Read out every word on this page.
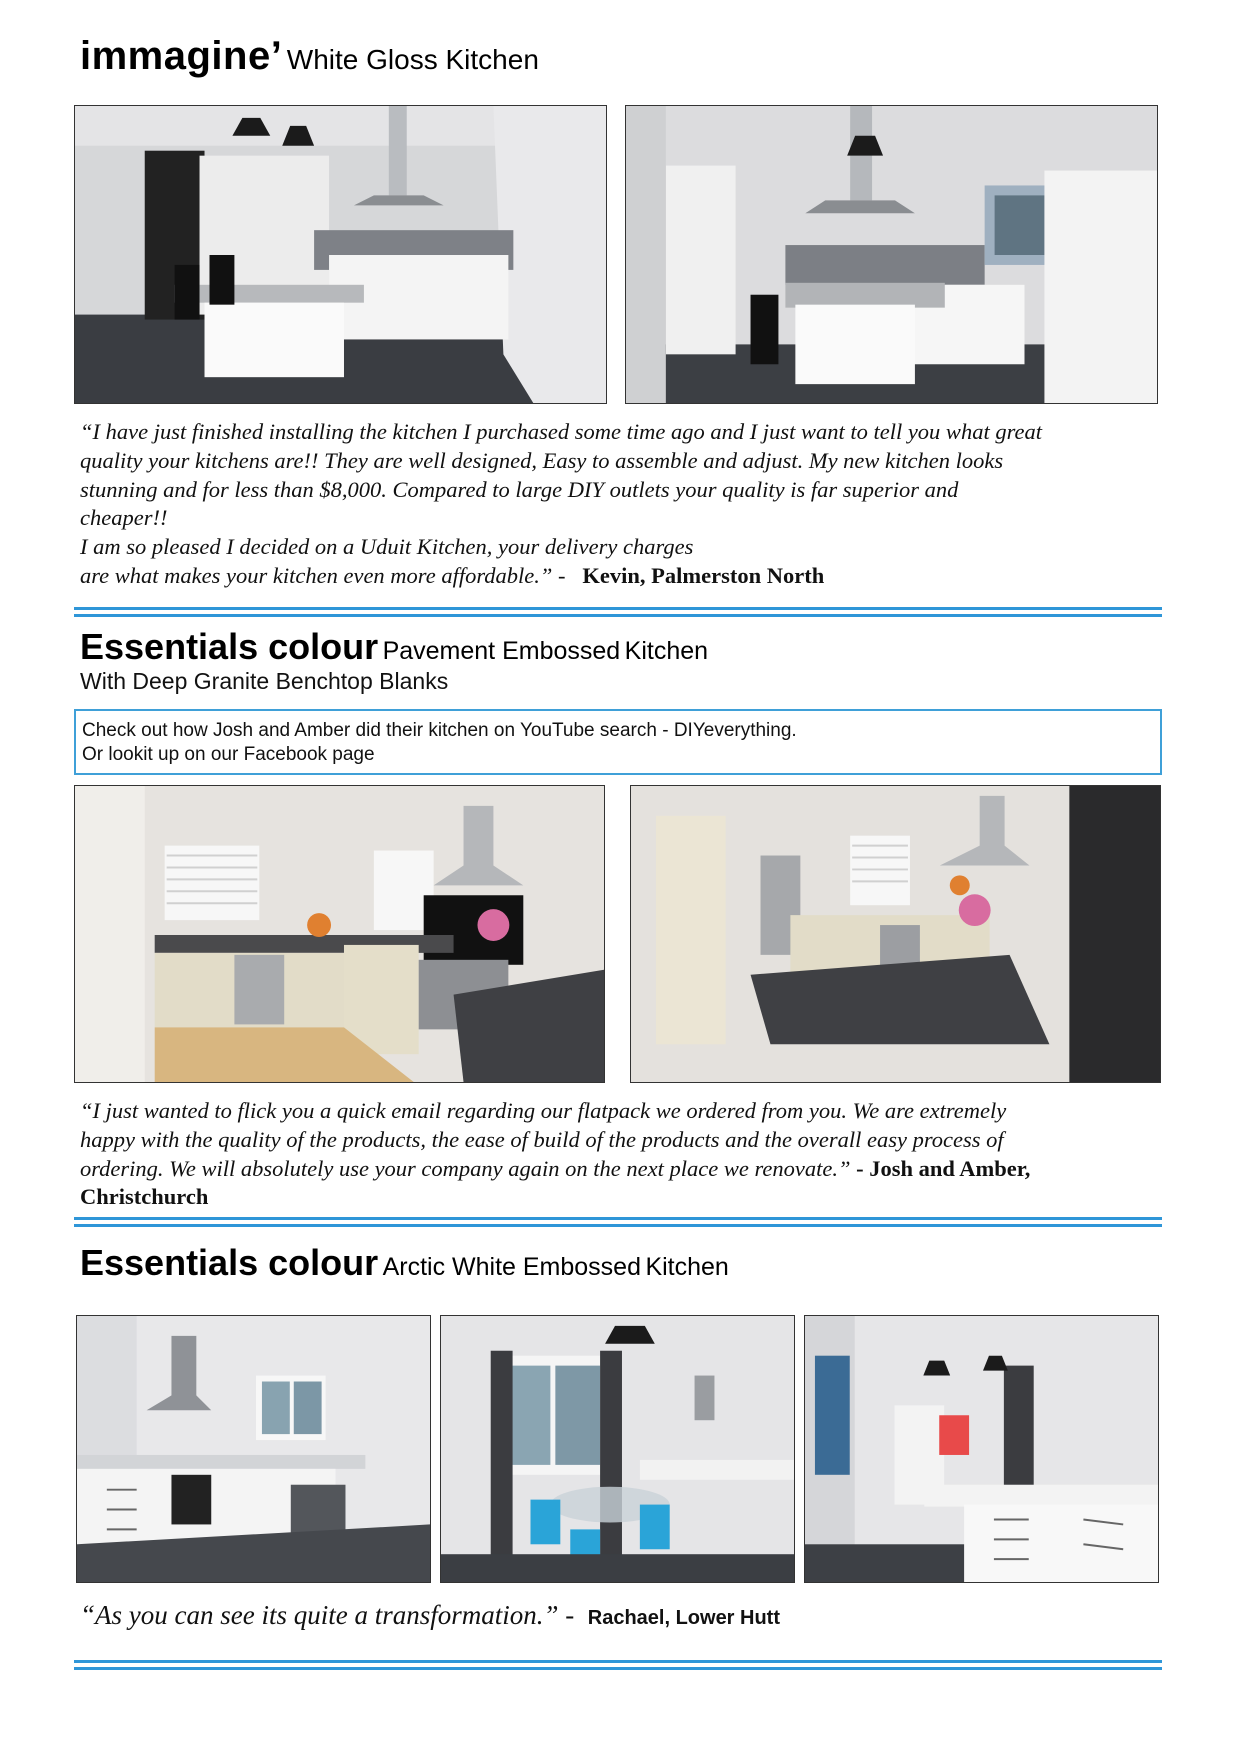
immagine’ White Gloss Kitchen
“I have just finished installing the kitchen I purchased some time ago and I just want to tell you what great
quality your kitchens are!! They are well designed, Easy to assemble and adjust. My new kitchen looks
stunning and for less than $8,000. Compared to large DIY outlets your quality is far superior and
cheaper!!
I am so pleased I decided on a Uduit Kitchen, your delivery charges
are what makes your kitchen even more affordable.” - Kevin, Palmerston North
Essentials colour Pavement Embossed Kitchen
With Deep Granite Benchtop Blanks
Check out how Josh and Amber did their kitchen on YouTube search - DIYeverything.
Or lookit up on our Facebook page
“I just wanted to flick you a quick email regarding our flatpack we ordered from you. We are extremely
happy with the quality of the products, the ease of build of the products and the overall easy process of
ordering. We will absolutely use your company again on the next place we renovate.” - Josh and Amber,
Christchurch
Essentials colour Arctic White Embossed Kitchen
“As you can see its quite a transformation.” - Rachael, Lower Hutt
